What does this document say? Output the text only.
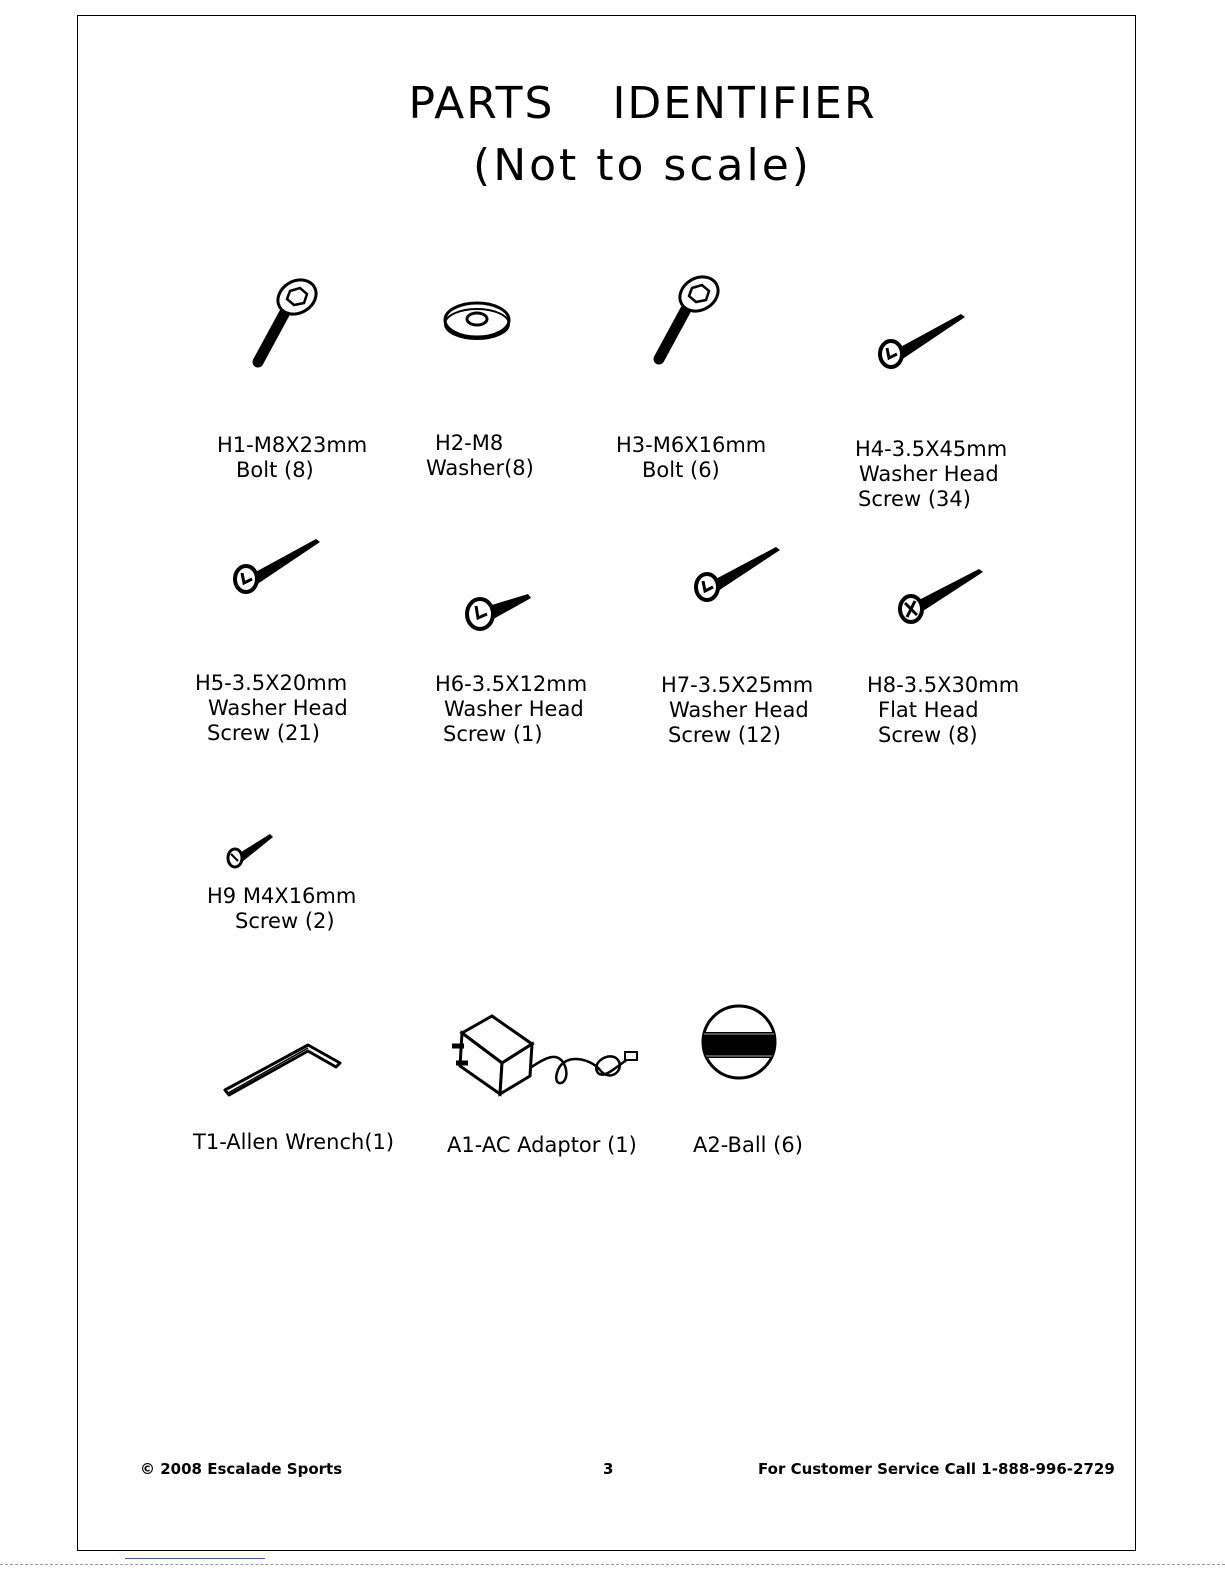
PARTS IDENTIFIER
(Not to scale)
H1-M8X23mm
Bolt (8)
H2-M8
Washer(8)
H3-M6X16mm
Bolt (6)
H4-3.5X45mm
Washer Head
Screw (34)
H5-3.5X20mm
Washer Head
Screw (21)
H6-3.5X12mm
Washer Head
Screw (1)
H7-3.5X25mm
Washer Head
Screw (12)
H8-3.5X30mm
Flat Head
Screw (8)
H9 M4X16mm
Screw (2)
T1-Allen Wrench(1)	A1-AC Adaptor (1)	A2-Ball (6)
© 2008 Escalade Sports	3	For Customer Service Call 1-888-996-2729
